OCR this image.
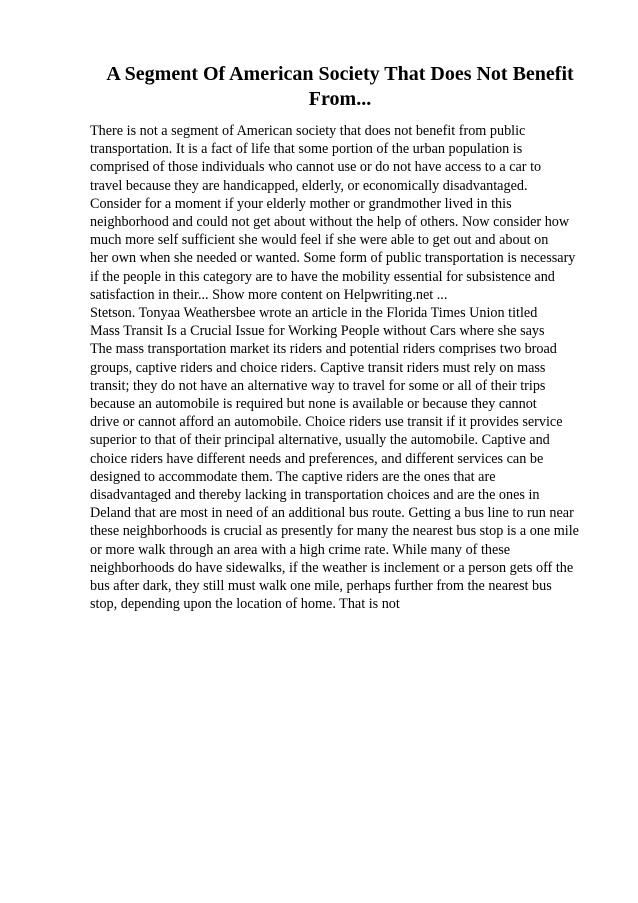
A Segment Of American Society That Does Not Benefit
From...
There is not a segment of American society that does not benefit from public
transportation. It is a fact of life that some portion of the urban population is
comprised of those individuals who cannot use or do not have access to a car to
travel because they are handicapped, elderly, or economically disadvantaged.
Consider for a moment if your elderly mother or grandmother lived in this
neighborhood and could not get about without the help of others. Now consider how
much more self sufficient she would feel if she were able to get out and about on
her own when she needed or wanted. Some form of public transportation is necessary
if the people in this category are to have the mobility essential for subsistence and
satisfaction in their... Show more content on Helpwriting.net ...
Stetson. Tonyaa Weathersbee wrote an article in the Florida Times Union titled
Mass Transit Is a Crucial Issue for Working People without Cars where she says
The mass transportation market its riders and potential riders comprises two broad
groups, captive riders and choice riders. Captive transit riders must rely on mass
transit; they do not have an alternative way to travel for some or all of their trips
because an automobile is required but none is available or because they cannot
drive or cannot afford an automobile. Choice riders use transit if it provides service
superior to that of their principal alternative, usually the automobile. Captive and
choice riders have different needs and preferences, and different services can be
designed to accommodate them. The captive riders are the ones that are
disadvantaged and thereby lacking in transportation choices and are the ones in
Deland that are most in need of an additional bus route. Getting a bus line to run near
these neighborhoods is crucial as presently for many the nearest bus stop is a one mile
or more walk through an area with a high crime rate. While many of these
neighborhoods do have sidewalks, if the weather is inclement or a person gets off the
bus after dark, they still must walk one mile, perhaps further from the nearest bus
stop, depending upon the location of home. That is not
